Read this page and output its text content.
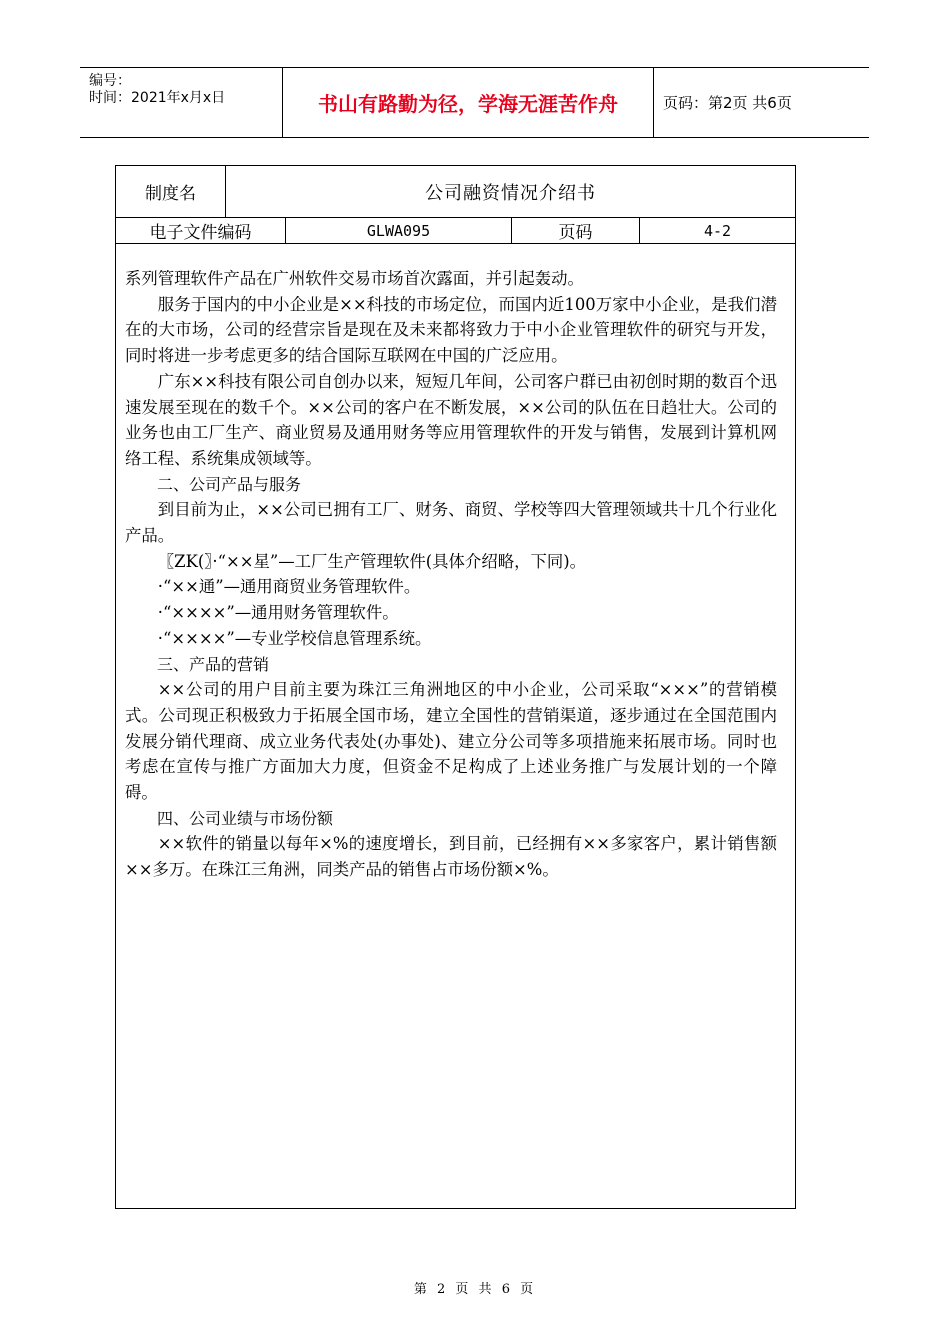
编号：
时间：2021年x月x日	书山有路勤为径，学海无涯苦作舟	页码：第2页 共6页
制度名	公司融资情况介绍书
电子文件编码	GLWA095	页码	4-2

系列管理软件产品在广州软件交易市场首次露面，并引起轰动。

服务于国内的中小企业是××科技的市场定位，而国内近100万家中小企业，是我们潜在的大市场，公司的经营宗旨是现在及未来都将致力于中小企业管理软件的研究与开发，同时将进一步考虑更多的结合国际互联网在中国的广泛应用。

广东××科技有限公司自创办以来，短短几年间，公司客户群已由初创时期的数百个迅速发展至现在的数千个。××公司的客户在不断发展，××公司的队伍在日趋壮大。公司的业务也由工厂生产、商业贸易及通用财务等应用管理软件的开发与销售，发展到计算机网络工程、系统集成领域等。

二、公司产品与服务

到目前为止，××公司已拥有工厂、财务、商贸、学校等四大管理领域共十几个行业化产品。

〖ZK(〗·“××星”—工厂生产管理软件(具体介绍略，下同)。

·“××通”—通用商贸业务管理软件。

·“××××”—通用财务管理软件。

·“××××”—专业学校信息管理系统。

三、产品的营销

××公司的用户目前主要为珠江三角洲地区的中小企业，公司采取“×××”的营销模式。公司现正积极致力于拓展全国市场，建立全国性的营销渠道，逐步通过在全国范围内发展分销代理商、成立业务代表处(办事处)、建立分公司等多项措施来拓展市场。同时也考虑在宣传与推广方面加大力度，但资金不足构成了上述业务推广与发展计划的一个障碍。

四、公司业绩与市场份额

××软件的销量以每年×%的速度增长，到目前，已经拥有××多家客户，累计销售额××多万。在珠江三角洲，同类产品的销售占市场份额×%。

第 2 页 共 6 页
